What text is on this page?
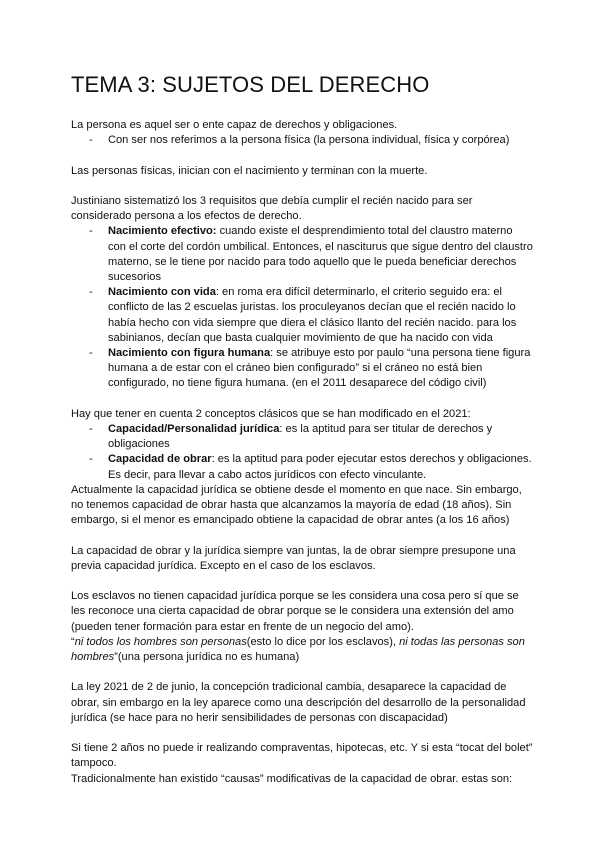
TEMA 3: SUJETOS DEL DERECHO

La persona es aquel ser o ente capaz de derechos y obligaciones.

- Con ser nos referimos a la persona física (la persona individual, física y corpórea)

Las personas físicas, inician con el nacimiento y terminan con la muerte.

Justiniano sistematizó los 3 requisitos que debía cumplir el recién nacido para ser considerado persona a los efectos de derecho.

- Nacimiento efectivo: cuando existe el desprendimiento total del claustro materno con el corte del cordón umbilical. Entonces, el nasciturus que sigue dentro del claustro materno, se le tiene por nacido para todo aquello que le pueda beneficiar derechos sucesorios
- Nacimiento con vida: en roma era difícil determinarlo, el criterio seguido era: el conflicto de las 2 escuelas juristas. los proculeyanos decían que el recién nacido lo había hecho con vida siempre que diera el clásico llanto del recién nacido. para los sabinianos, decían que basta cualquier movimiento de que ha nacido con vida
- Nacimiento con figura humana: se atribuye esto por paulo “una persona tiene figura humana a de estar con el cráneo bien configurado” si el cráneo no está bien configurado, no tiene figura humana. (en el 2011 desaparece del código civil)

Hay que tener en cuenta 2 conceptos clásicos que se han modificado en el 2021:

- Capacidad/Personalidad jurídica: es la aptitud para ser titular de derechos y obligaciones
- Capacidad de obrar: es la aptitud para poder ejecutar estos derechos y obligaciones. Es decir, para llevar a cabo actos jurídicos con efecto vinculante.

Actualmente la capacidad jurídica se obtiene desde el momento en que nace. Sin embargo, no tenemos capacidad de obrar hasta que alcanzamos la mayoría de edad (18 años). Sin embargo, si el menor es emancipado obtiene la capacidad de obrar antes (a los 16 años)

La capacidad de obrar y la jurídica siempre van juntas, la de obrar siempre presupone una previa capacidad jurídica. Excepto en el caso de los esclavos.

Los esclavos no tienen capacidad jurídica porque se les considera una cosa pero sí que se les reconoce una cierta capacidad de obrar porque se le considera una extensión del amo (pueden tener formación para estar en frente de un negocio del amo).

“ni todos los hombres son personas(esto lo dice por los esclavos), ni todas las personas son hombres”(una persona jurídica no es humana)

La ley 2021 de 2 de junio, la concepción tradicional cambia, desaparece la capacidad de obrar, sin embargo en la ley aparece como una descripción del desarrollo de la personalidad jurídica (se hace para no herir sensibilidades de personas con discapacidad)

Si tiene 2 años no puede ir realizando compraventas, hipotecas, etc. Y si esta “tocat del bolet” tampoco.

Tradicionalmente han existido “causas” modificativas de la capacidad de obrar. estas son:
